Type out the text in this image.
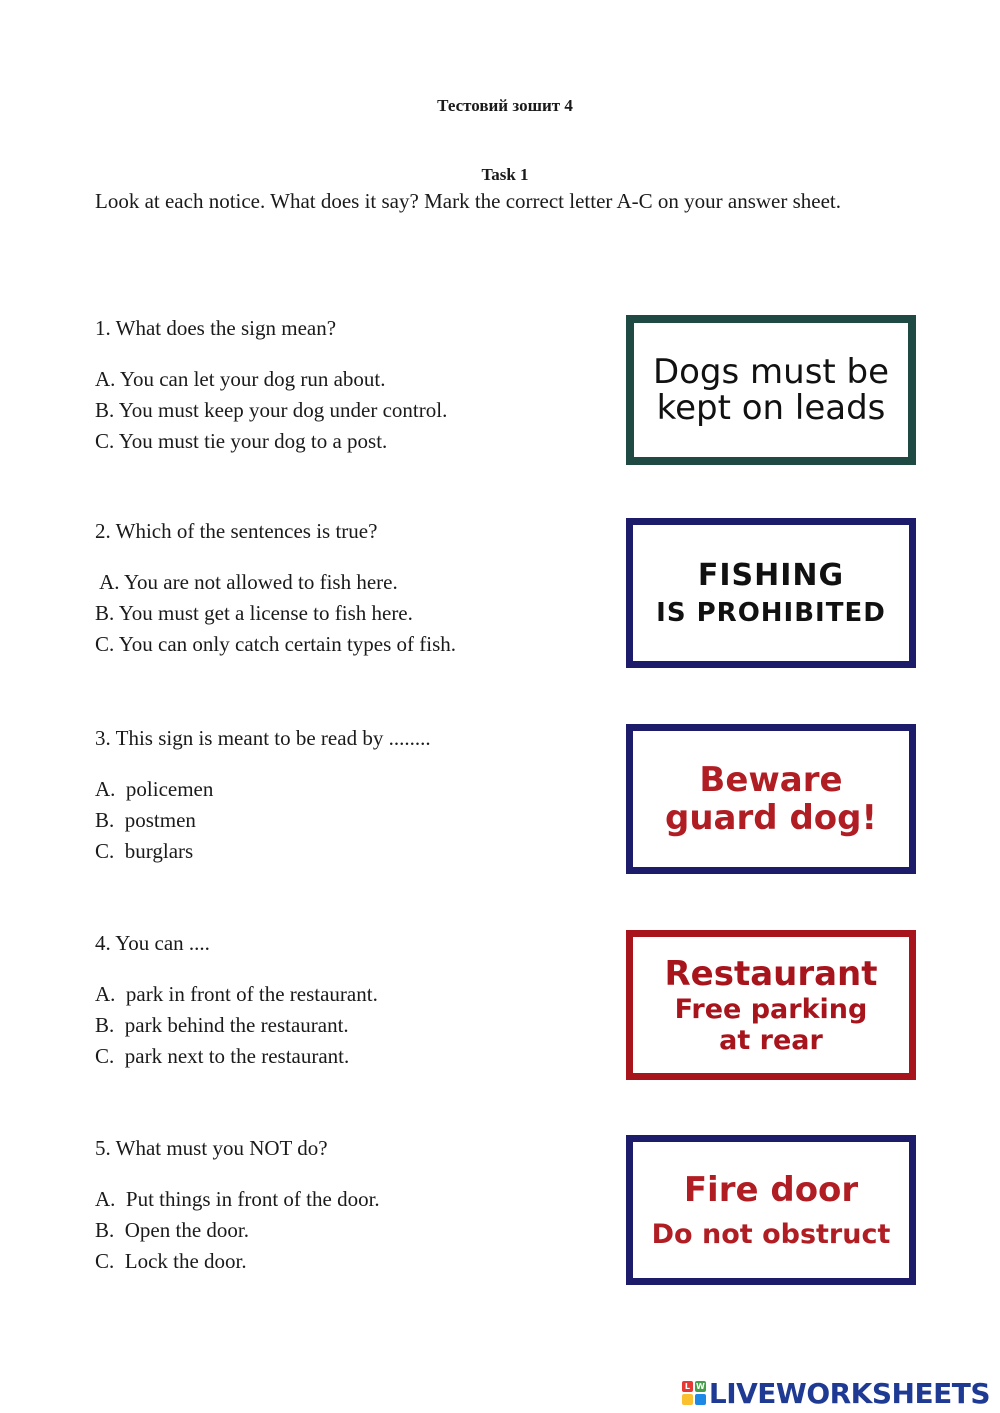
Тестовий зошит 4
Task 1
Look at each notice. What does it say? Mark the correct letter A-C on your answer sheet.
1. What does the sign mean?
A. You can let your dog run about.
B. You must keep your dog under control.
C. You must tie your dog to a post.
Dogs must be
kept on leads
2. Which of the sentences is true?
A. You are not allowed to fish here.
B. You must get a license to fish here.
C. You can only catch certain types of fish.
FISHING
IS PROHIBITED
3. This sign is meant to be read by ........
A.  policemen
B.  postmen
C.  burglars
Beware
guard dog!
4. You can ....
A.  park in front of the restaurant.
B.  park behind the restaurant.
C.  park next to the restaurant.
Restaurant
Free parking
at rear
5. What must you NOT do?
A.  Put things in front of the door.
B.  Open the door.
C.  Lock the door.
Fire door
Do not obstruct
L W LIVEWORKSHEETS
